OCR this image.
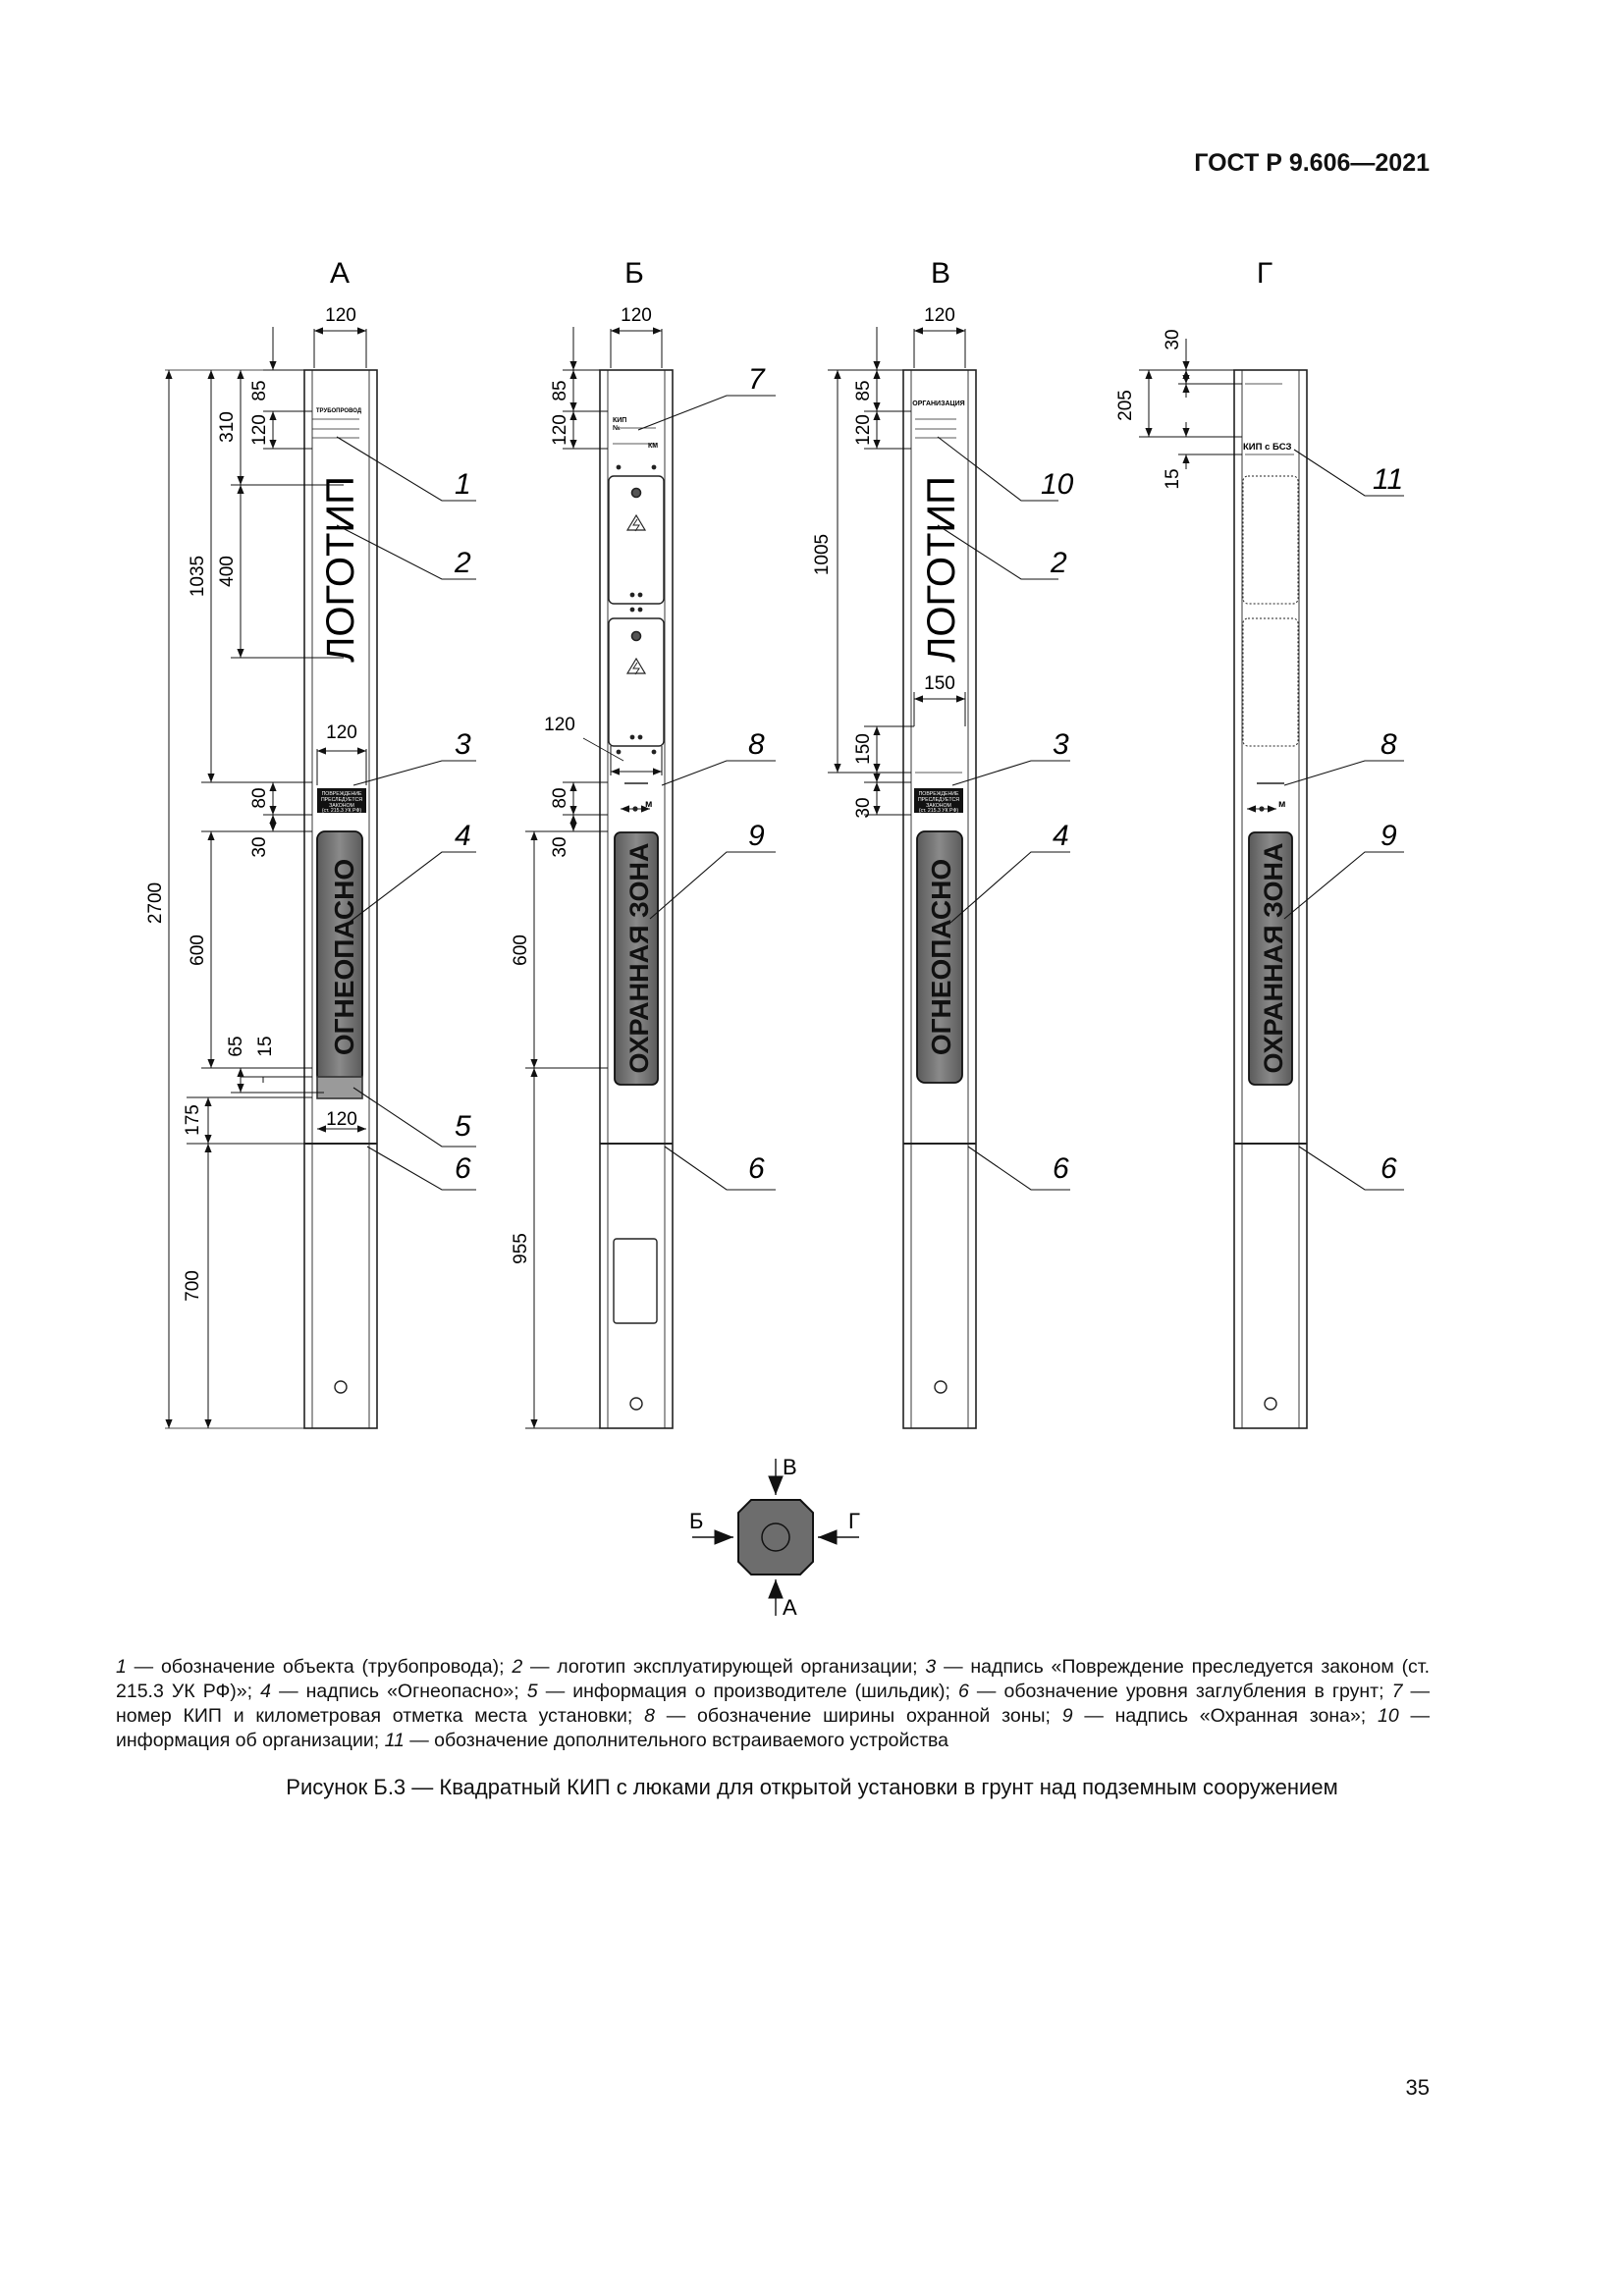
ГОСТ Р 9.606—2021
А	Б	В	Г
ТРУБОПРОВОД
ЛОГОТИП
ПОВРЕЖДЕНИЕ
ПРЕСЛЕДУЕТСЯ
ЗАКОНОМ
(ст. 215.3 УК РФ)
ОГНЕОПАСНО
120
85
120
310
400
1035
120
80
30
600
65 15
2700
175	120
700
КИП
№
КМ
м
ОХРАННАЯ ЗОНА
120
85
120
120
80
30
600
955
ОРГАНИЗАЦИЯ
ЛОГОТИП
ПОВРЕЖДЕНИЕ
ПРЕСЛЕДУЕТСЯ
ЗАКОНОМ
(ст. 215.3 УК РФ)
ОГНЕОПАСНО
120
85
120
1005
150
150
30
КИП с БСЗ
м
ОХРАННАЯ ЗОНА
30
205
15
1
2
3
4
5
6
7
8
9
6
10
2
3
4
6
11
8
9
6
В
Б	Г
А
1 — обозначение объекта (трубопровода); 2 — логотип эксплуатирующей организации; 3 — надпись «Повреждение преследуется законом (ст. 215.3 УК РФ)»; 4 — надпись «Огнеопасно»; 5 — информация о производителе (шильдик); 6 — обозначение уровня заглубления в грунт; 7 — номер КИП и километровая отметка места установки; 8 — обозначение ширины охранной зоны; 9 — надпись «Охранная зона»; 10 — информация об организации; 11 — обозначение дополнительного встраиваемого устройства
Рисунок Б.3 — Квадратный КИП с люками для открытой установки в грунт над подземным сооружением
35
